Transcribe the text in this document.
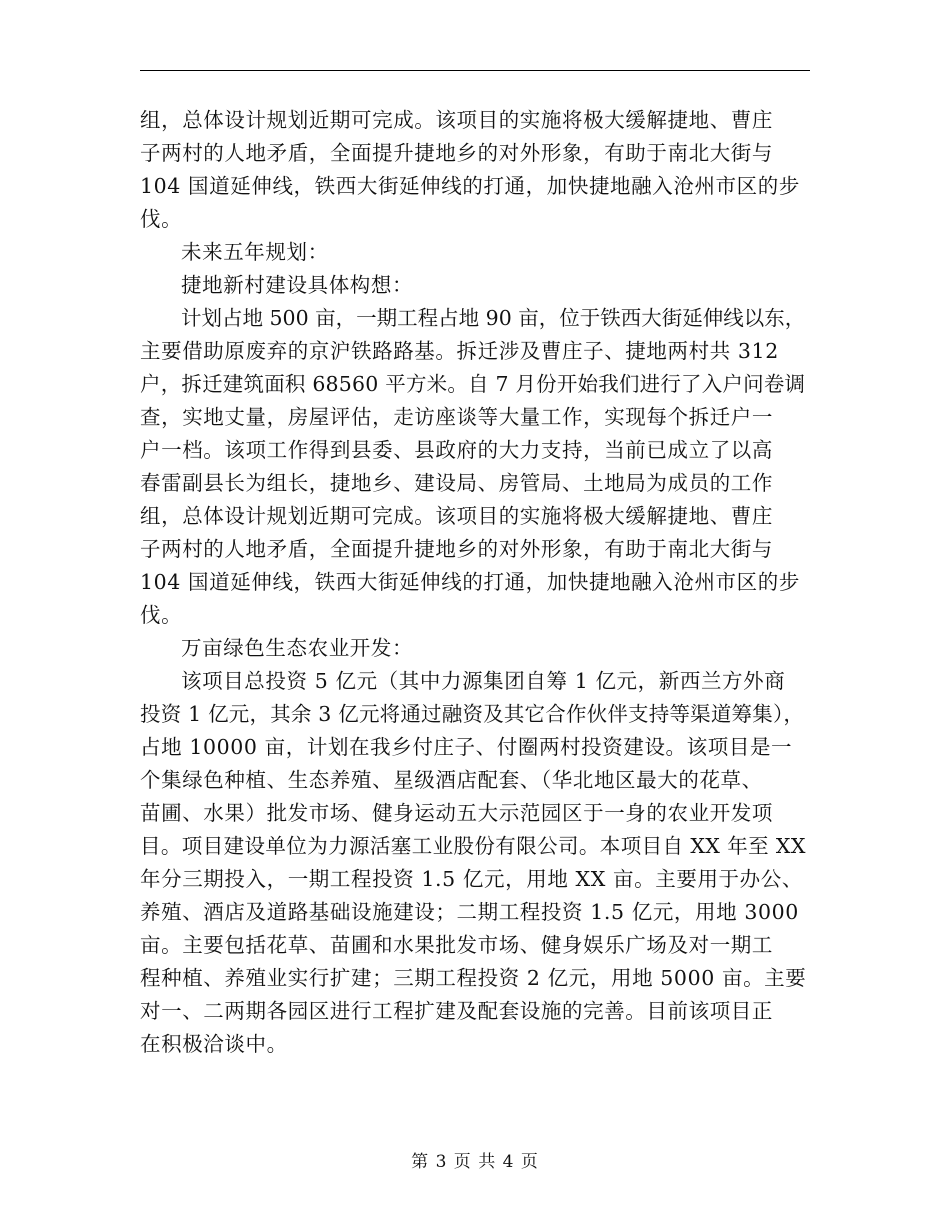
组，总体设计规划近期可完成。该项目的实施将极大缓解捷地、曹庄
子两村的人地矛盾，全面提升捷地乡的对外形象，有助于南北大街与
104 国道延伸线，铁西大街延伸线的打通，加快捷地融入沧州市区的步
伐。
未来五年规划：
捷地新村建设具体构想：
计划占地 500 亩，一期工程占地 90 亩，位于铁西大街延伸线以东，
主要借助原废弃的京沪铁路路基。拆迁涉及曹庄子、捷地两村共 312
户，拆迁建筑面积 68560 平方米。自 7 月份开始我们进行了入户问卷调
查，实地丈量，房屋评估，走访座谈等大量工作，实现每个拆迁户一
户一档。该项工作得到县委、县政府的大力支持，当前已成立了以高
春雷副县长为组长，捷地乡、建设局、房管局、土地局为成员的工作
组，总体设计规划近期可完成。该项目的实施将极大缓解捷地、曹庄
子两村的人地矛盾，全面提升捷地乡的对外形象，有助于南北大街与
104 国道延伸线，铁西大街延伸线的打通，加快捷地融入沧州市区的步
伐。
万亩绿色生态农业开发：
该项目总投资 5 亿元（其中力源集团自筹 1 亿元，新西兰方外商
投资 1 亿元，其余 3 亿元将通过融资及其它合作伙伴支持等渠道筹集），
占地 10000 亩，计划在我乡付庄子、付圈两村投资建设。该项目是一
个集绿色种植、生态养殖、星级酒店配套、（华北地区最大的花草、
苗圃、水果）批发市场、健身运动五大示范园区于一身的农业开发项
目。项目建设单位为力源活塞工业股份有限公司。本项目自 XX 年至 XX
年分三期投入，一期工程投资 1.5 亿元，用地 XX 亩。主要用于办公、
养殖、酒店及道路基础设施建设；二期工程投资 1.5 亿元，用地 3000
亩。主要包括花草、苗圃和水果批发市场、健身娱乐广场及对一期工
程种植、养殖业实行扩建；三期工程投资 2 亿元，用地 5000 亩。主要
对一、二两期各园区进行工程扩建及配套设施的完善。目前该项目正
在积极洽谈中。
第 3 页 共 4 页
